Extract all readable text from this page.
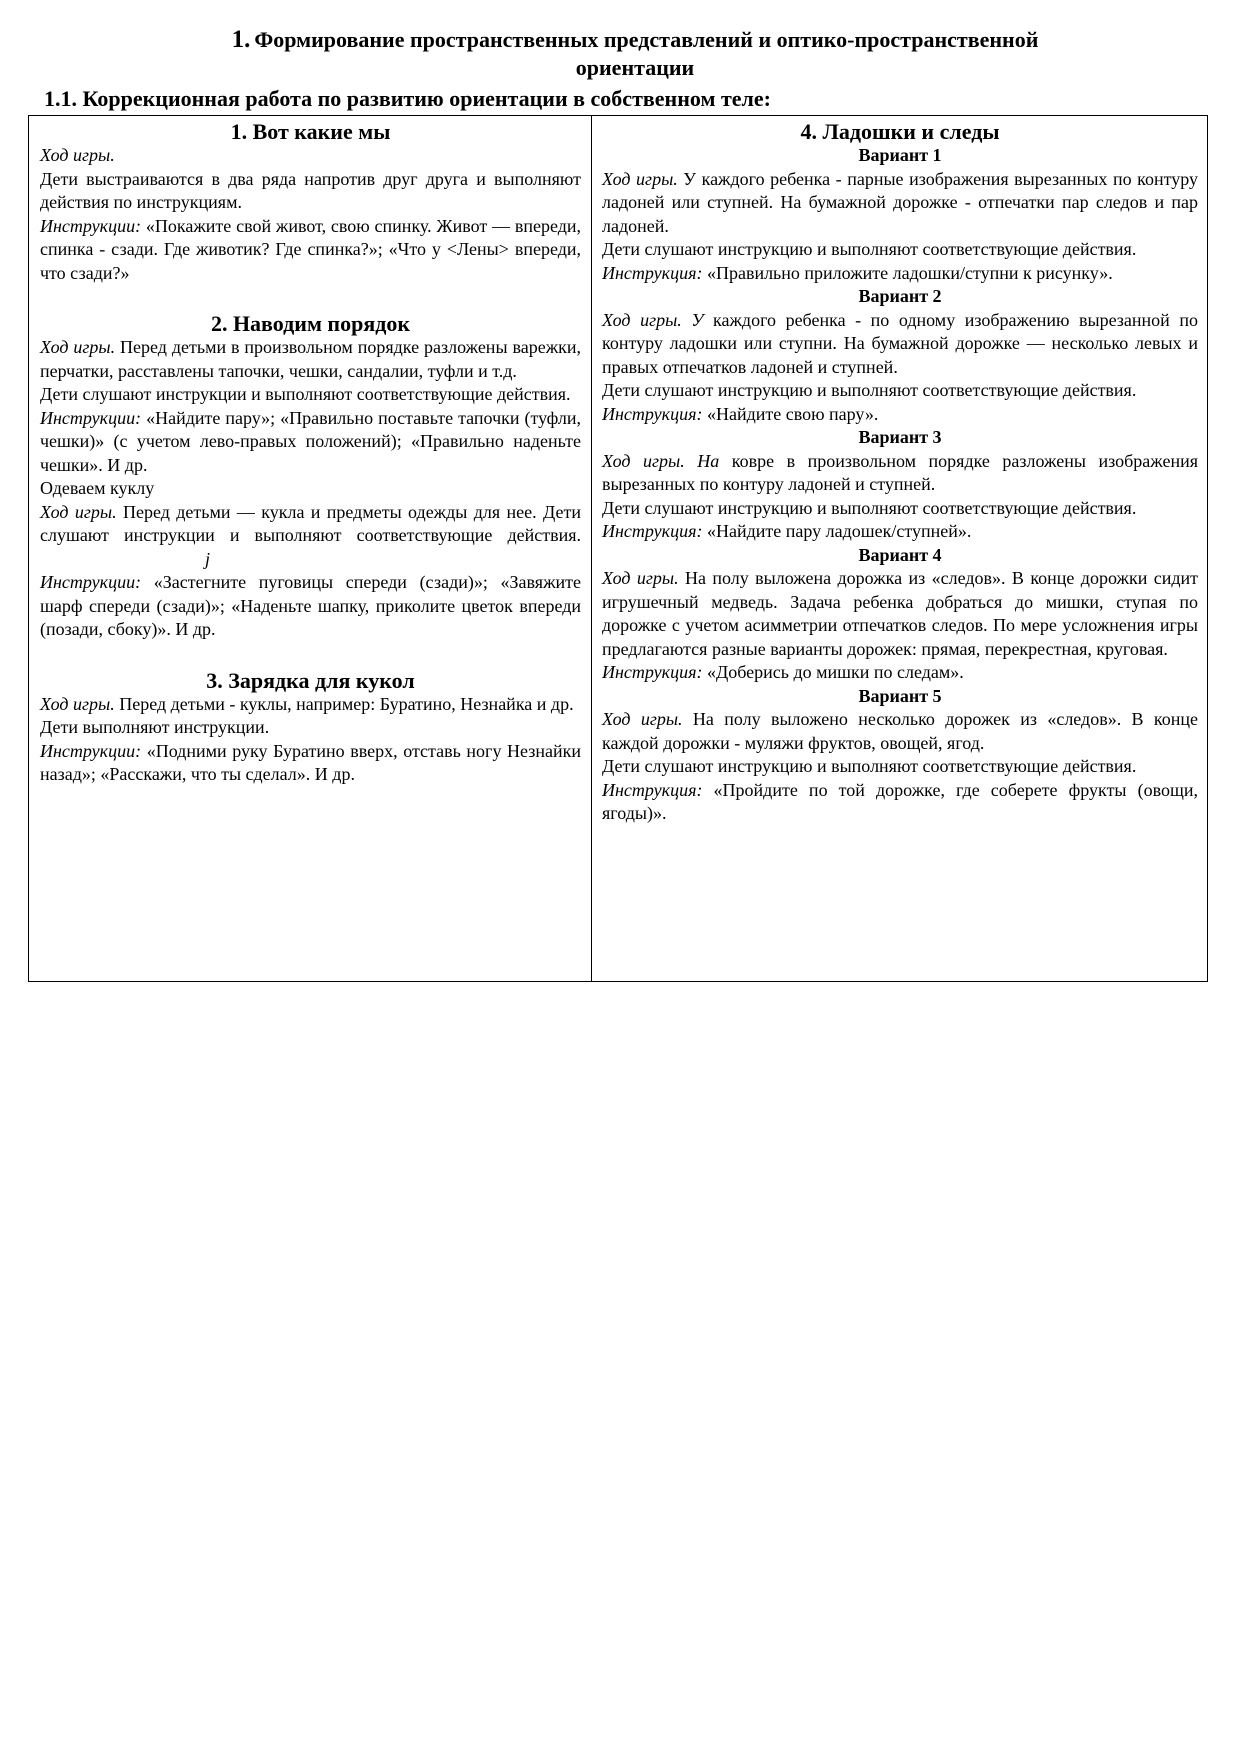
1. Формирование пространственных представлений и оптико-пространственной
ориентации
1.1. Коррекционная работа по развитию ориентации в собственном теле:
1. Вот какие мы

Ход игры.

Дети выстраиваются в два ряда напротив друг друга и выполняют действия по инструкциям.

Инструкции: «Покажите свой живот, свою спинку. Живот — впереди, спинка - сзади. Где животик? Где спинка?»; «Что у <Лены> впереди, что сзади?»

2. Наводим порядок

Ход игры. Перед детьми в произвольном порядке разложены варежки, перчатки, расставлены тапочки, чешки, сандалии, туфли и т.д.

Дети слушают инструкции и выполняют соответствующие действия.

Инструкции: «Найдите пару»; «Правильно поставьте тапочки (туфли, чешки)» (с учетом лево-правых положений); «Правильно наденьте чешки». И др.

Одеваем куклу

Ход игры. Перед детьми — кукла и предметы одежды для нее. Дети слушают инструкции и выполняют соответствующие действия.j

Инструкции: «Застегните пуговицы спереди (сзади)»; «Завяжите шарф спереди (сзади)»; «Наденьте шапку, приколите цветок впереди (позади, сбоку)». И др.

3. Зарядка для кукол

Ход игры. Перед детьми - куклы, например: Буратино, Незнайка и др.

Дети выполняют инструкции.

Инструкции: «Подними руку Буратино вверх, отставь ногу Незнайки назад»; «Расскажи, что ты сделал». И др.

4. Ладошки и следы
Вариант 1

Ход игры. У каждого ребенка - парные изображения вырезанных по контуру ладоней или ступней. На бумажной дорожке - отпечатки пар следов и пар ладоней.

Дети слушают инструкцию и выполняют соответствующие действия.

Инструкция: «Правильно приложите ладошки/ступни к рисунку».

Вариант 2

Ход игры. У каждого ребенка - по одному изображению вырезанной по контуру ладошки или ступни. На бумажной дорожке — несколько левых и правых отпечатков ладоней и ступней.

Дети слушают инструкцию и выполняют соответствующие действия.

Инструкция: «Найдите свою пару».

Вариант 3

Ход игры. На ковре в произвольном порядке разложены изображения вырезанных по контуру ладоней и ступней.

Дети слушают инструкцию и выполняют соответствующие действия.

Инструкция: «Найдите пару ладошек/ступней».

Вариант 4

Ход игры. На полу выложена дорожка из «следов». В конце дорожки сидит игрушечный медведь. Задача ребенка добраться до мишки, ступая по дорожке с учетом асимметрии отпечатков следов. По мере усложнения игры предлагаются разные варианты дорожек: прямая, перекрестная, круговая.

Инструкция: «Доберись до мишки по следам».

Вариант 5

Ход игры. На полу выложено несколько дорожек из «следов». В конце каждой дорожки - муляжи фруктов, овощей, ягод.

Дети слушают инструкцию и выполняют соответствующие действия.

Инструкция: «Пройдите по той дорожке, где соберете фрукты (овощи, ягоды)».
